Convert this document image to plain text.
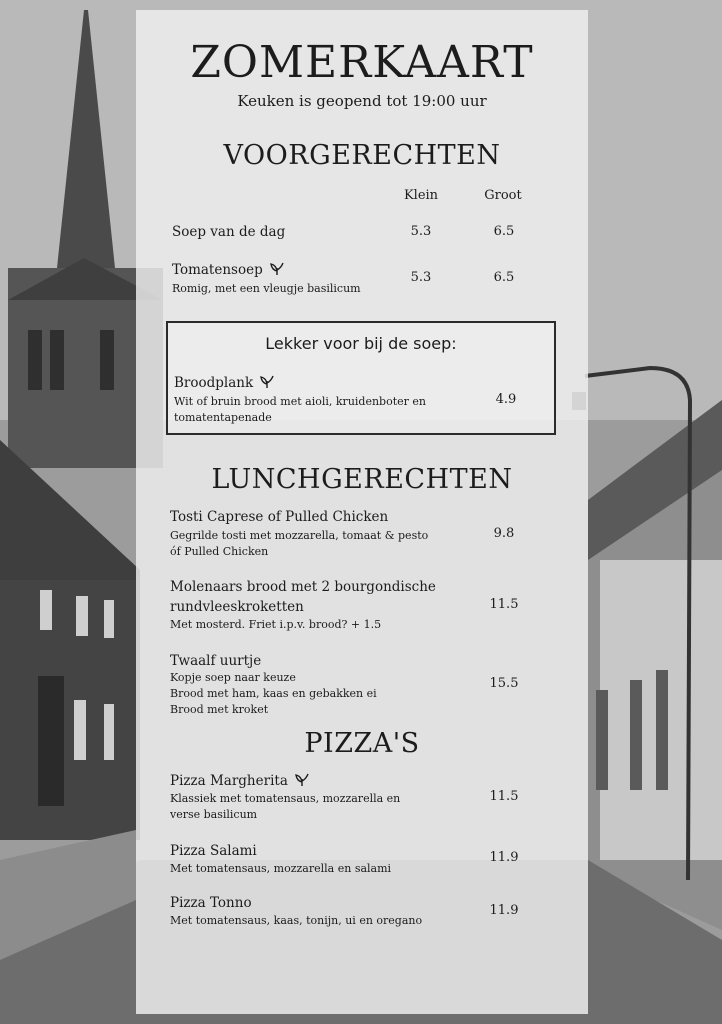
ZOMERKAART
Keuken is geopend tot 19:00 uur
VOORGERECHTEN
Klein	Groot
Soep van de dag	5.3	6.5
Tomatensoep
Romig, met een vleugje basilicum
5.3	6.5
Lekker voor bij de soep:
Broodplank
Wit of bruin brood met aioli, kruidenboter en
tomatentapenade
4.9
LUNCHGERECHTEN
Tosti Caprese of Pulled Chicken
Gegrilde tosti met mozzarella, tomaat & pesto
óf Pulled Chicken
9.8
Molenaars brood met 2 bourgondische
rundvleeskroketten
Met mosterd. Friet i.p.v. brood? + 1.5
11.5
Twaalf uurtje
Kopje soep naar keuze
Brood met ham, kaas en gebakken ei
Brood met kroket
15.5
PIZZA'S
Pizza Margherita
Klassiek met tomatensaus, mozzarella en
verse basilicum
11.5
Pizza Salami
Met tomatensaus, mozzarella en salami
11.9
Pizza Tonno
Met tomatensaus, kaas, tonijn, ui en oregano
11.9
